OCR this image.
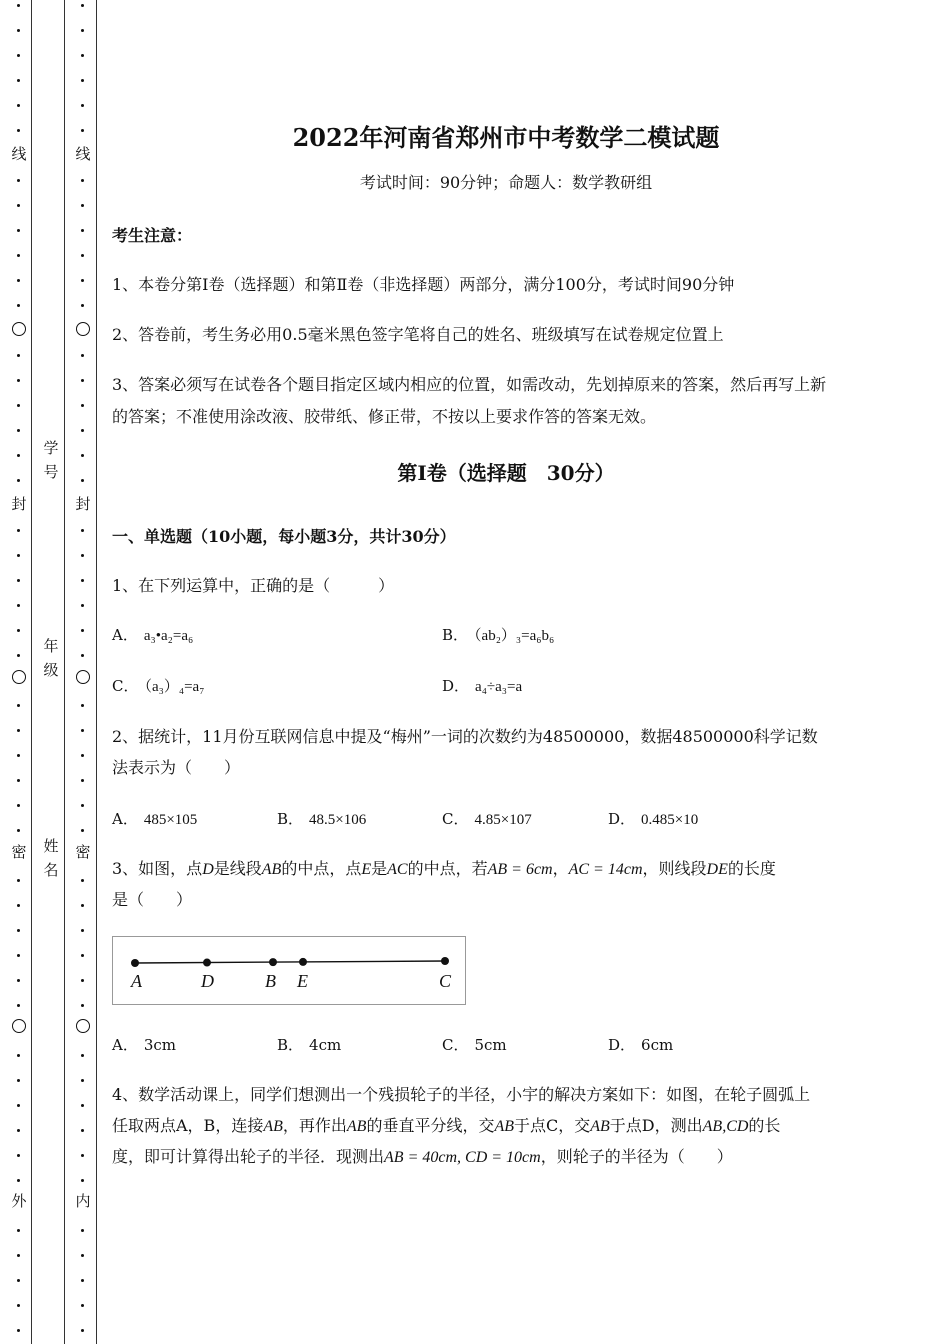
线
封
密
外
线
封
密
内
学号
年级
姓名
2022年河南省郑州市中考数学二模试题
考试时间：90分钟；命题人：数学教研组
考生注意：
1、本卷分第I卷（选择题）和第Ⅱ卷（非选择题）两部分，满分100分，考试时间90分钟
2、答卷前，考生务必用0.5毫米黑色签字笔将自己的姓名、班级填写在试卷规定位置上
3、答案必须写在试卷各个题目指定区域内相应的位置，如需改动，先划掉原来的答案，然后再写上新
的答案；不准使用涂改液、胶带纸、修正带，不按以上要求作答的答案无效。
第I卷（选择题　30分）
一、单选题（10小题，每小题3分，共计30分）
1、在下列运算中，正确的是（　　　）
A． a₃•a₂=a₆	B． （ab₂）₃=a₆b₆
C． （a₃）₄=a₇	D． a₄÷a₃=a
2、据统计，11月份互联网信息中提及“梅州”一词的次数约为48500000，数据48500000科学记数
法表示为（　　）
A． 485×105	B． 48.5×106	C． 4.85×107	D． 0.485×10
3、如图，点D是线段AB的中点，点E是AC的中点，若AB = 6cm，AC = 14cm，则线段DE的长度
是（　　）
A	D	B E	C
A． 3cm	B． 4cm	C． 5cm	D． 6cm
4、数学活动课上，同学们想测出一个残损轮子的半径，小宇的解决方案如下：如图，在轮子圆弧上
任取两点A，B，连接AB，再作出AB的垂直平分线，交AB于点C，交AB于点D，测出AB,CD的长
度，即可计算得出轮子的半径．现测出AB = 40cm, CD = 10cm，则轮子的半径为（　　）
